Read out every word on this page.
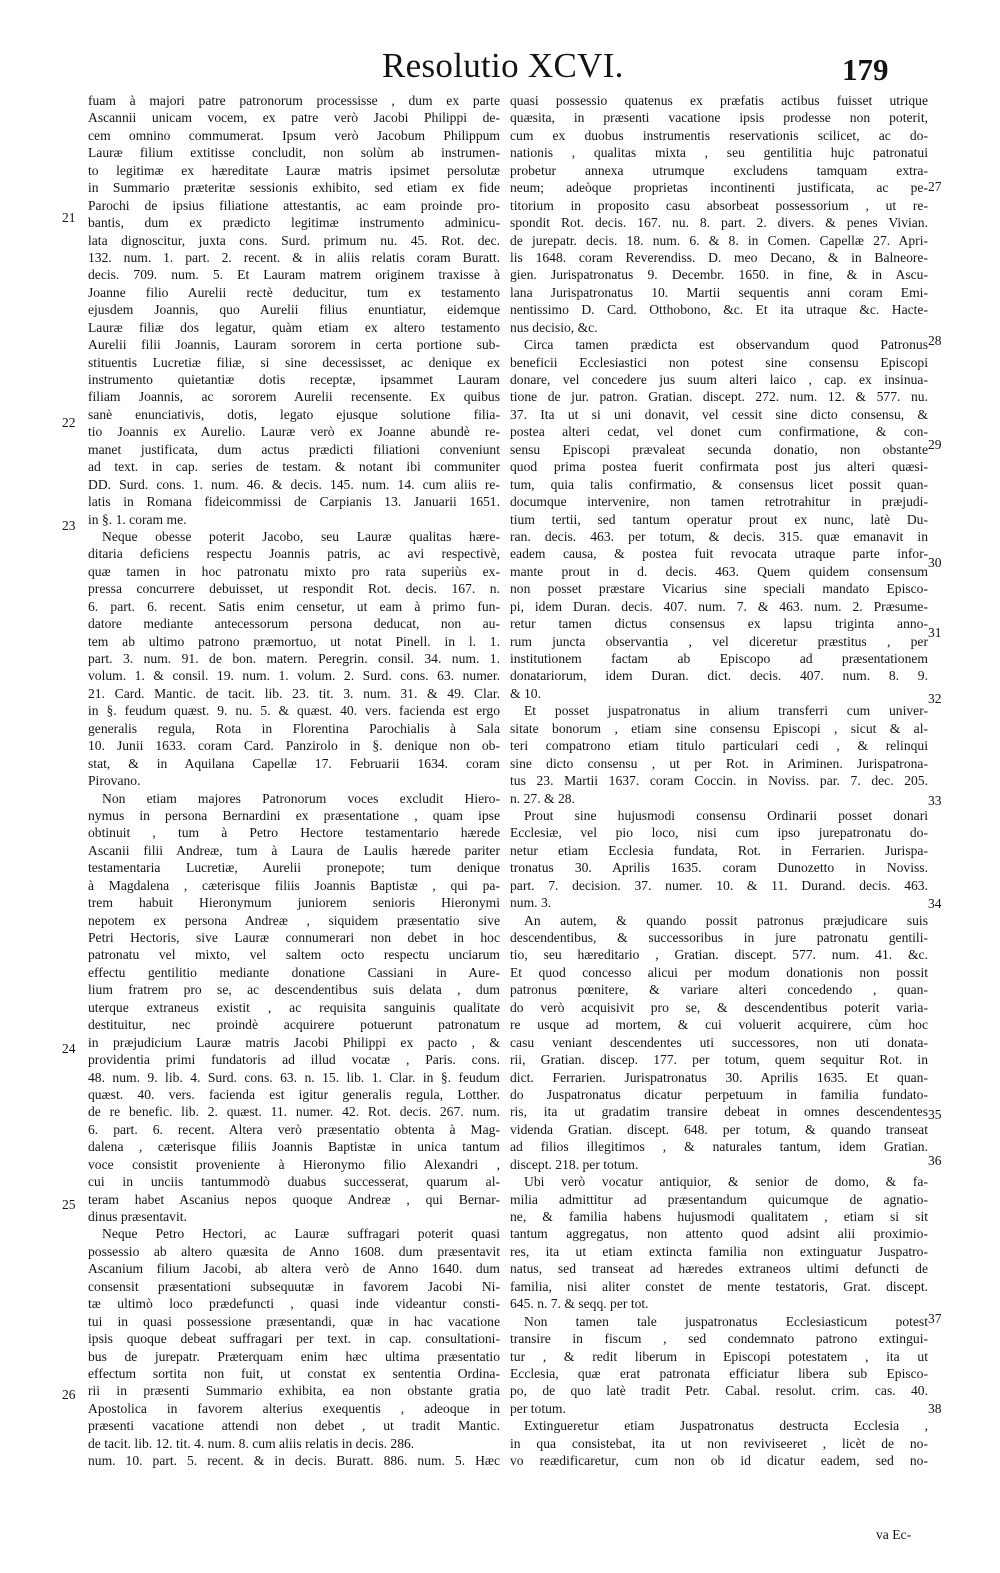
Resolutio XCVI.	179
fuam à majori patre patronorum processisse , dum ex parte
Ascannii unicam vocem, ex patre verò Jacobi Philippi de-
cem omnino commumerat. Ipsum verò Jacobum Philippum
Lauræ filium extitisse concludit, non solùm ab instrumen-
to legitimæ ex hæreditate Lauræ matris ipsimet persolutæ
in Summario præteritæ sessionis exhibito, sed etiam ex fide
Parochi de ipsius filiatione attestantis, ac eam proinde pro-
bantis, dum ex prædicto legitimæ instrumento adminicu-
lata dignoscitur, juxta cons. Surd. primum nu. 45. Rot. dec.
132. num. 1. part. 2. recent. & in aliis relatis coram Buratt.
decis. 709. num. 5. Et Lauram matrem originem traxisse à
Joanne filio Aurelii rectè deducitur, tum ex testamento
ejusdem Joannis, quo Aurelii filius enuntiatur, eidemque
Lauræ filiæ dos legatur, quàm etiam ex altero testamento
Aurelii filii Joannis, Lauram sororem in certa portione sub-
stituentis Lucretiæ filiæ, si sine decessisset, ac denique ex
instrumento quietantiæ dotis receptæ, ipsammet Lauram
filiam Joannis, ac sororem Aurelii recensente. Ex quibus
sanè enunciativis, dotis, legato ejusque solutione filia-
tio Joannis ex Aurelio. Lauræ verò ex Joanne abundè re-
manet justificata, dum actus prædicti filiationi conveniunt
ad text. in cap. series de testam. & notant ibi communiter
DD. Surd. cons. 1. num. 46. & decis. 145. num. 14. cum aliis re-
latis in Romana fideicommissi de Carpianis 13. Januarii 1651.
in §. 1. coram me.
Neque obesse poterit Jacobo, seu Lauræ qualitas hære-
ditaria deficiens respectu Joannis patris, ac avi respectivè,
quæ tamen in hoc patronatu mixto pro rata superiùs ex-
pressa concurrere debuisset, ut respondit Rot. decis. 167. n.
6. part. 6. recent. Satis enim censetur, ut eam à primo fun-
datore mediante antecessorum persona deducat, non au-
tem ab ultimo patrono præmortuo, ut notat Pinell. in l. 1.
part. 3. num. 91. de bon. matern. Peregrin. consil. 34. num. 1.
volum. 1. & consil. 19. num. 1. volum. 2. Surd. cons. 63. numer.
21. Card. Mantic. de tacit. lib. 23. tit. 3. num. 31. & 49. Clar.
in §. feudum quæst. 9. nu. 5. & quæst. 40. vers. facienda est ergo
generalis regula, Rota in Florentina Parochialis à Sala
10. Junii 1633. coram Card. Panzirolo in §. denique non ob-
stat, & in Aquilana Capellæ 17. Februarii 1634. coram
Pirovano.
Non etiam majores Patronorum voces excludit Hiero-
nymus in persona Bernardini ex præsentatione , quam ipse
obtinuit , tum à Petro Hectore testamentario hærede
Ascanii filii Andreæ, tum à Laura de Laulis hærede pariter
testamentaria Lucretiæ, Aurelii pronepote; tum denique
à Magdalena , cæterisque filiis Joannis Baptistæ , qui pa-
trem habuit Hieronymum juniorem senioris Hieronymi
nepotem ex persona Andreæ , siquidem præsentatio sive
Petri Hectoris, sive Lauræ connumerari non debet in hoc
patronatu vel mixto, vel saltem octo respectu unciarum
effectu gentilitio mediante donatione Cassiani in Aure-
lium fratrem pro se, ac descendentibus suis delata , dum
uterque extraneus existit , ac requisita sanguinis qualitate
destituitur, nec proindè acquirere potuerunt patronatum
in præjudicium Lauræ matris Jacobi Philippi ex pacto , &
providentia primi fundatoris ad illud vocatæ , Paris. cons.
48. num. 9. lib. 4. Surd. cons. 63. n. 15. lib. 1. Clar. in §. feudum
quæst. 40. vers. facienda est igitur generalis regula, Lotther.
de re benefic. lib. 2. quæst. 11. numer. 42. Rot. decis. 267. num.
6. part. 6. recent. Altera verò præsentatio obtenta à Mag-
dalena , cæterisque filiis Joannis Baptistæ in unica tantum
voce consistit proveniente à Hieronymo filio Alexandri ,
cui in unciis tantummodò duabus successerat, quarum al-
teram habet Ascanius nepos quoque Andreæ , qui Bernar-
dinus præsentavit.
Neque Petro Hectori, ac Lauræ suffragari poterit quasi
possessio ab altero quæsita de Anno 1608. dum præsentavit
Ascanium filium Jacobi, ab altera verò de Anno 1640. dum
consensit præsentationi subsequutæ in favorem Jacobi Ni-
tæ ultimò loco prædefuncti , quasi inde videantur consti-
tui in quasi possessione præsentandi, quæ in hac vacatione
ipsis quoque debeat suffragari per text. in cap. consultationi-
bus de jurepatr. Præterquam enim hæc ultima præsentatio
effectum sortita non fuit, ut constat ex sententia Ordina-
rii in præsenti Summario exhibita, ea non obstante gratia
Apostolica in favorem alterius exequentis , adeoque in
præsenti vacatione attendi non debet , ut tradit Mantic.
de tacit. lib. 12. tit. 4. num. 8. cum aliis relatis in decis. 286.
num. 10. part. 5. recent. & in decis. Buratt. 886. num. 5. Hæc
quasi possessio quatenus ex præfatis actibus fuisset utrique
quæsita, in præsenti vacatione ipsis prodesse non poterit,
cum ex duobus instrumentis reservationis scilicet, ac do-
nationis , qualitas mixta , seu gentilitia hujc patronatui
probetur annexa utrumque excludens tamquam extra-
neum; adeòque proprietas incontinenti justificata, ac pe-
titorium in proposito casu absorbeat possessorium , ut re-
spondit Rot. decis. 167. nu. 8. part. 2. divers. & penes Vivian.
de jurepatr. decis. 18. num. 6. & 8. in Comen. Capellæ 27. Apri-
lis 1648. coram Reverendiss. D. meo Decano, & in Balneore-
gien. Jurispatronatus 9. Decembr. 1650. in fine, & in Ascu-
lana Jurispatronatus 10. Martii sequentis anni coram Emi-
nentissimo D. Card. Otthobono, &c. Et ita utraque &c. Hacte-
nus decisio, &c.
Circa tamen prædicta est observandum quod Patronus
beneficii Ecclesiastici non potest sine consensu Episcopi
donare, vel concedere jus suum alteri laico , cap. ex insinua-
tione de jur. patron. Gratian. discept. 272. num. 12. & 577. nu.
37. Ita ut si uni donavit, vel cessit sine dicto consensu, &
postea alteri cedat, vel donet cum confirmatione, & con-
sensu Episcopi prævaleat secunda donatio, non obstante
quod prima postea fuerit confirmata post jus alteri quæsi-
tum, quia talis confirmatio, & consensus licet possit quan-
documque intervenire, non tamen retrotrahitur in præjudi-
tium tertii, sed tantum operatur prout ex nunc, latè Du-
ran. decis. 463. per totum, & decis. 315. quæ emanavit in
eadem causa, & postea fuit revocata utraque parte infor-
mante prout in d. decis. 463. Quem quidem consensum
non posset præstare Vicarius sine speciali mandato Episco-
pi, idem Duran. decis. 407. num. 7. & 463. num. 2. Præsume-
retur tamen dictus consensus ex lapsu triginta anno-
rum juncta observantia , vel diceretur præstitus , per
institutionem factam ab Episcopo ad præsentationem
donatariorum, idem Duran. dict. decis. 407. num. 8. 9.
& 10.
Et posset juspatronatus in alium transferri cum univer-
sitate bonorum , etiam sine consensu Episcopi , sicut & al-
teri compatrono etiam titulo particulari cedi , & relinqui
sine dicto consensu , ut per Rot. in Ariminen. Jurispatrona-
tus 23. Martii 1637. coram Coccin. in Noviss. par. 7. dec. 205.
n. 27. & 28.
Prout sine hujusmodi consensu Ordinarii posset donari
Ecclesiæ, vel pio loco, nisi cum ipso jurepatronatu do-
netur etiam Ecclesia fundata, Rot. in Ferrarien. Jurispa-
tronatus 30. Aprilis 1635. coram Dunozetto in Noviss.
part. 7. decision. 37. numer. 10. & 11. Durand. decis. 463.
num. 3.
An autem, & quando possit patronus præjudicare suis
descendentibus, & successoribus in jure patronatu gentili-
tio, seu hæreditario , Gratian. discept. 577. num. 41. &c.
Et quod concesso alicui per modum donationis non possit
patronus pœnitere, & variare alteri concedendo , quan-
do verò acquisivit pro se, & descendentibus poterit varia-
re usque ad mortem, & cui voluerit acquirere, cùm hoc
casu veniant descendentes uti successores, non uti donata-
rii, Gratian. discep. 177. per totum, quem sequitur Rot. in
dict. Ferrarien. Jurispatronatus 30. Aprilis 1635. Et quan-
do Juspatronatus dicatur perpetuum in familia fundato-
ris, ita ut gradatim transire debeat in omnes descendentes
videnda Gratian. discept. 648. per totum, & quando transeat
ad filios illegitimos , & naturales tantum, idem Gratian.
discept. 218. per totum.
Ubi verò vocatur antiquior, & senior de domo, & fa-
milia admittitur ad præsentandum quicumque de agnatio-
ne, & familia habens hujusmodi qualitatem , etiam si sit
tantum aggregatus, non attento quod adsint alii proximio-
res, ita ut etiam extincta familia non extinguatur Juspatro-
natus, sed transeat ad hæredes extraneos ultimi defuncti de
familia, nisi aliter constet de mente testatoris, Grat. discept.
645. n. 7. & seqq. per tot.
Non tamen tale juspatronatus Ecclesiasticum potest
transire in fiscum , sed condemnato patrono extingui-
tur , & redit liberum in Episcopi potestatem , ita ut
Ecclesia, quæ erat patronata efficiatur libera sub Episco-
po, de quo latè tradit Petr. Cabal. resolut. crim. cas. 40.
per totum.
Extingueretur etiam Juspatronatus destructa Ecclesia ,
in qua consistebat, ita ut non reviviseeret , licèt de no-
vo reædificaretur, cum non ob id dicatur eadem, sed no-
21
22
23
24
25
26
27
28
29
30
31
32
33
34
35
36
37
38
va Ec-
